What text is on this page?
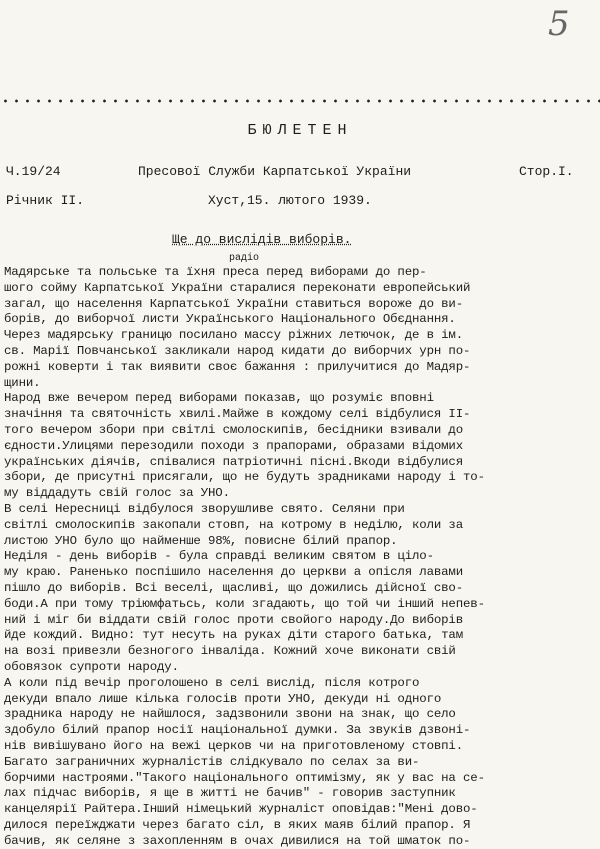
5
БЮЛЕТЕН
Ч.19/24	Пресової Служби Карпатської України	Стор.І.
Річник ІІ.	Хуст,15. лютого 1939.
Ще до вислідів виборів.
радіо
Мадярське та польське та їхня преса перед виборами до пер-
шого сойму Карпатської України старалися переконати европейський
загал, що населення Карпатської України ставиться вороже до ви-
борів, до виборчої листи Українського Національного Обєднання.
Через мадярську границю посилано массу ріжних летючок, де в ім.
св. Марії Повчанської закликали народ кидати до виборчих урн по-
рожні коверти і так виявити своє бажання : прилучитися до Мадяр-
щини.
Народ вже вечером перед виборами показав, що розуміє вповні
значіння та святочність хвилі.Майже в кождому селі відбулися ІІ-
того вечером збори при світлі смолоскипів, бесідники взивали до
єдности.Улицями перезодили походи з прапорами, образами відомих
українських діячів, співалися патріотичні пісні.Вкоди відбулися
збори, де присутні присягали, що не будуть зрадниками народу і то-
му віддадуть свій голос за УНО.
В селі Нересниці відбулося зворушливе свято. Селяни при
світлі смолоскипів закопали стовп, на котрому в неділю, коли за
листою УНО було що найменше 98%, повисне білий прапор.
Неділя - день виборів - була справді великим святом в ціло-
му краю. Раненько поспішило населення до церкви а опісля лавами
пішло до виборів. Всі веселі, щасливі, що дожились дійсної сво-
боди.А при тому тріюмфатьсь, коли згадають, що той чи інший непев-
ний і міг би віддати свій голос проти свойого народу.До виборів
йде кождий. Видно: тут несуть на руках діти старого батька, там
на возі привезли безногого інваліда. Кожний хоче виконати свій
обовязок супроти народу.
А коли під вечір проголошено в селі вислід, після котрого
декуди впало лише кілька голосів проти УНО, декуди ні одного
зрадника народу не найшлося, задзвонили звони на знак, що село
здобуло білий прапор носії національної думки. За звуків дзвоні-
нів вивішувано його на вежі церков чи на приготовленому стовпі.
Багато заграничних журналістів слідкувало по селах за ви-
борчими настроями."Такого національного оптимізму, як у вас на се-
лах підчас виборів, я ще в житті не бачив" - говорив заступник
канцелярії Райтера.Інший німецький журналіст оповідав:"Мені дово-
дилося переїжджати через багато сіл, в яких маяв білий прапор. Я
бачив, як селяне з захопленням в очах дивилися на той шматок по-
